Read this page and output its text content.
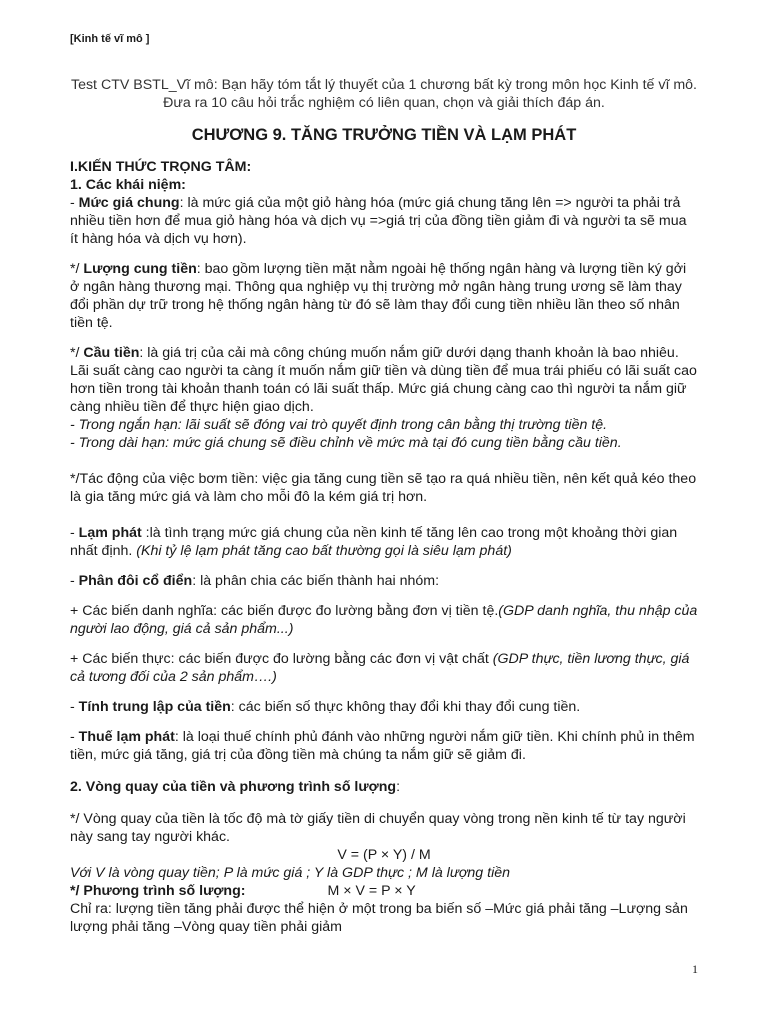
[Kinh tế vĩ mô ]

Test CTV BSTL_Vĩ mô: Bạn hãy tóm tắt lý thuyết của 1 chương bất kỳ trong môn học Kinh tế vĩ mô. Đưa ra 10 câu hỏi trắc nghiệm có liên quan, chọn và giải thích đáp án.

CHƯƠNG 9. TĂNG TRƯỞNG TIỀN VÀ LẠM PHÁT
I.KIẾN THỨC TRỌNG TÂM:
1. Các khái niệm:

- Mức giá chung: là mức giá của một giỏ hàng hóa (mức giá chung tăng lên => người ta phải trả nhiều tiền hơn để mua giỏ hàng hóa và dịch vụ =>giá trị của đồng tiền giảm đi và người ta sẽ mua ít hàng hóa và dịch vụ hơn).

*/ Lượng cung tiền: bao gồm lượng tiền mặt nằm ngoài hệ thống ngân hàng và lượng tiền ký gởi ở ngân hàng thương mại. Thông qua nghiệp vụ thị trường mở ngân hàng trung ương sẽ làm thay đổi phần dự trữ trong hệ thống ngân hàng từ đó sẽ làm thay đổi cung tiền nhiều lần theo số nhân tiền tệ.

*/ Cầu tiền: là giá trị của cải mà công chúng muốn nắm giữ dưới dạng thanh khoản là bao nhiêu. Lãi suất càng cao người ta càng ít muốn nắm giữ tiền và dùng tiền để mua trái phiếu có lãi suất cao hơn tiền trong tài khoản thanh toán có lãi suất thấp. Mức giá chung càng cao thì người ta nắm giữ càng nhiều tiền để thực hiện giao dịch.

- Trong ngắn hạn: lãi suất sẽ đóng vai trò quyết định trong cân bằng thị trường tiền tệ.

- Trong dài hạn: mức giá chung sẽ điều chỉnh về mức mà tại đó cung tiền bằng cầu tiền.

*/Tác động của việc bơm tiền: việc gia tăng cung tiền sẽ tạo ra quá nhiều tiền, nên kết quả kéo theo là gia tăng mức giá và làm cho mỗi đô la kém giá trị hơn.

- Lạm phát :là tình trạng mức giá chung của nền kinh tế tăng lên cao trong một khoảng thời gian nhất định. (Khi tỷ lệ lạm phát tăng cao bất thường gọi là siêu lạm phát)

- Phân đôi cổ điển: là phân chia các biến thành hai nhóm:

+ Các biến danh nghĩa: các biến được đo lường bằng đơn vị tiền tệ.(GDP danh nghĩa, thu nhập của người lao động, giá cả sản phẩm...)

+ Các biến thực: các biến được đo lường bằng các đơn vị vật chất (GDP thực, tiền lương thực, giá cả tương đối của 2 sản phẩm….)

- Tính trung lập của tiền: các biến số thực không thay đổi khi thay đổi cung tiền.

- Thuế lạm phát: là loại thuế chính phủ đánh vào những người nắm giữ tiền. Khi chính phủ in thêm tiền, mức giá tăng, giá trị của đồng tiền mà chúng ta nắm giữ sẽ giảm đi.

2. Vòng quay của tiền và phương trình số lượng:

*/ Vòng quay của tiền là tốc độ mà tờ giấy tiền di chuyển quay vòng trong nền kinh tế từ tay người này sang tay người khác.

V = (P × Y) / M

Với V là vòng quay tiền; P là mức giá ; Y là GDP thực ; M là lượng tiền

*/ Phương trình số lượng:	M × V = P × Y

Chỉ ra: lượng tiền tăng phải được thể hiện ở một trong ba biến số –Mức giá phải tăng –Lượng sản lượng phải tăng –Vòng quay tiền phải giảm

1
